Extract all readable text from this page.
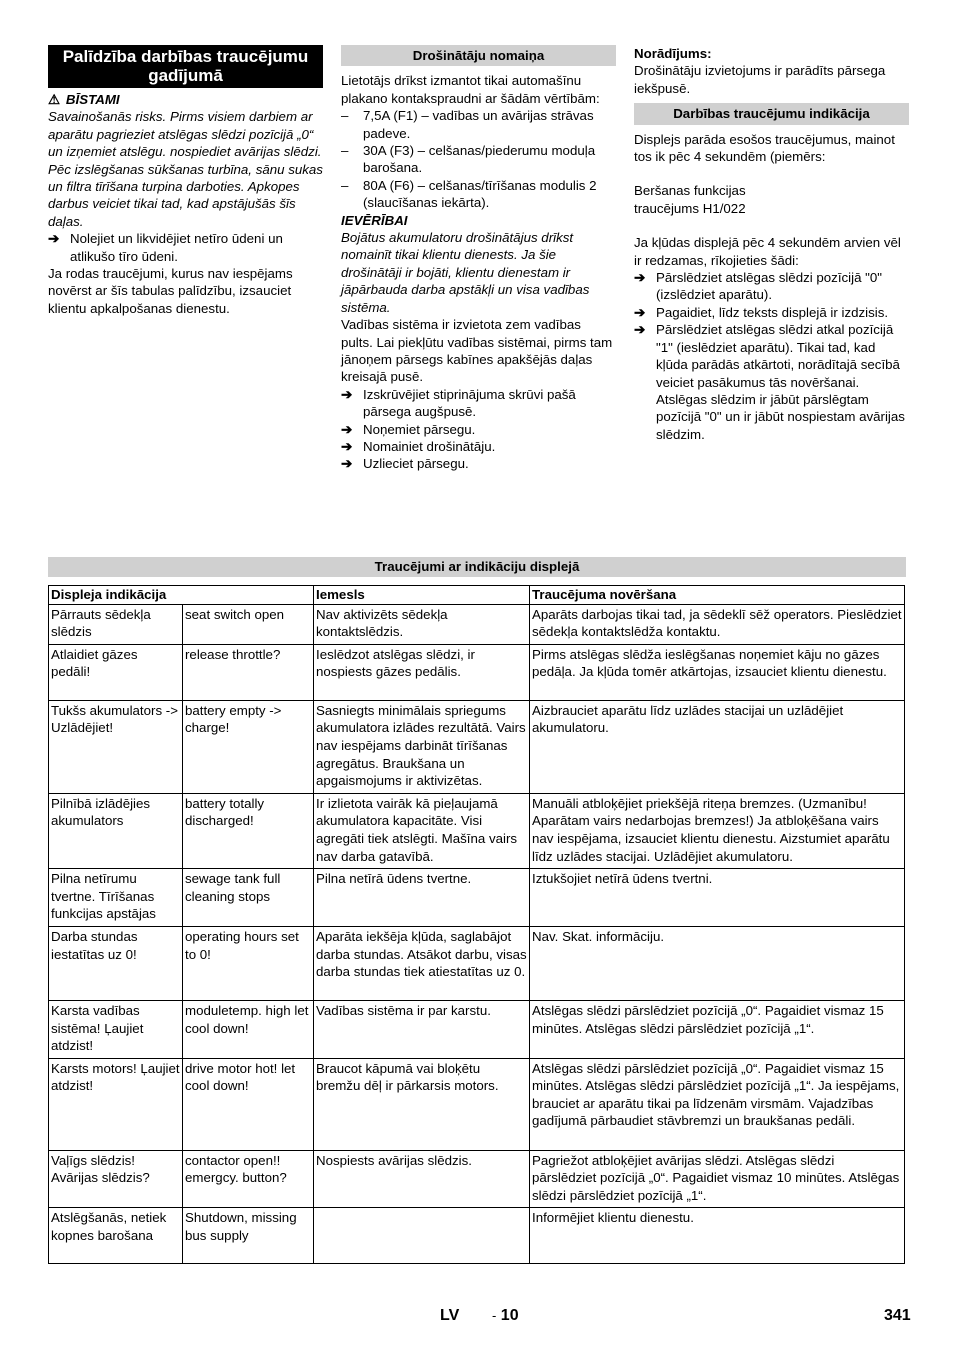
Palīdzība darbības traucējumu gadījumā
⚠ BĪSTAMI

Savainošanās risks. Pirms visiem darbiem ar aparātu pagrieziet atslēgas slēdzi pozīcijā „0“ un izņemiet atslēgu. nospiediet avārijas slēdzi. Pēc izslēgšanas sūkšanas turbīna, sānu sukas un filtra tīrīšana turpina darboties. Apkopes darbus veiciet tikai tad, kad apstājušās šīs daļas.

➔ Nolejiet un likvidējiet netīro ūdeni un atlikušo tīro ūdeni.

Ja rodas traucējumi, kurus nav iespējams novērst ar šīs tabulas palīdzību, izsauciet klientu apkalpošanas dienestu.

Drošinātāju nomaiņa

Lietotājs drīkst izmantot tikai automašīnu plakano kontakspraudni ar šādām vērtībām:

– 7,5A (F1) – vadības un avārijas strāvas padeve.
– 30A (F3) – celšanas/piederumu moduļa barošana.
– 80A (F6) – celšanas/tīrīšanas modulis 2 (slaucīšanas iekārta).
IEVĒRĪBAI

Bojātus akumulatoru drošinātājus drīkst nomainīt tikai klientu dienests. Ja šie drošinātāji ir bojāti, klientu dienestam ir jāpārbauda darba apstākļi un visa vadības sistēma.

Vadības sistēma ir izvietota zem vadības pults. Lai piekļūtu vadības sistēmai, pirms tam jānoņem pārsegs kabīnes apakšējās daļas kreisajā pusē.

➔ Izskrūvējiet stiprinājuma skrūvi pašā pārsega augšpusē.
➔ Noņemiet pārsegu.
➔ Nomainiet drošinātāju.
➔ Uzlieciet pārsegu.
Norādījums:

Drošinātāju izvietojums ir parādīts pārsega iekšpusē.

Darbības traucējumu indikācija

Displejs parāda esošos traucējumus, mainot tos ik pēc 4 sekundēm (piemērs:

Beršanas funkcijas traucējums H1/022

Ja kļūdas displejā pēc 4 sekundēm arvien vēl ir redzamas, rīkojieties šādi:

➔ Pārslēdziet atslēgas slēdzi pozīcijā "0" (izslēdziet aparātu).
➔ Pagaidiet, līdz teksts displejā ir izdzisis.
➔ Pārslēdziet atslēgas slēdzi atkal pozīcijā "1" (ieslēdziet aparātu). Tikai tad, kad kļūda parādās atkārtoti, norādītajā secībā veiciet pasākumus tās novēršanai. Atslēgas slēdzim ir jābūt pārslēgtam pozīcijā "0" un ir jābūt nospiestam avārijas slēdzim.
Traucējumi ar indikāciju displejā
Displeja indikācija		Iemesls	Traucējuma novēršana
Pārrauts sēdekļa slēdzis	seat switch open	Nav aktivizēts sēdekļa kontaktslēdzis.	Aparāts darbojas tikai tad, ja sēdeklī sēž operators. Pieslēdziet sēdekļa kontaktslēdža kontaktu.
Atlaidiet gāzes pedāli!	release throttle?	Ieslēdzot atslēgas slēdzi, ir nospiests gāzes pedālis.	Pirms atslēgas slēdža ieslēgšanas noņemiet kāju no gāzes pedāļa. Ja kļūda tomēr atkārtojas, izsauciet klientu dienestu.
Tukšs akumulators -> Uzlādējiet!	battery empty -> charge!	Sasniegts minimālais spriegums akumulatora izlādes rezultātā. Vairs nav iespējams darbināt tīrīšanas agregātus. Braukšana un apgaismojums ir aktivizētas.	Aizbrauciet aparātu līdz uzlādes stacijai un uzlādējiet akumulatoru.
Pilnībā izlādējies akumulators	battery totally discharged!	Ir izlietota vairāk kā pieļaujamā akumulatora kapacitāte. Visi agregāti tiek atslēgti. Mašīna vairs nav darba gatavībā.	Manuāli atbloķējiet priekšējā riteņa bremzes. (Uzmanību! Aparātam vairs nedarbojas bremzes!) Ja atbloķēšana vairs nav iespējama, izsauciet klientu dienestu. Aizstumiet aparātu līdz uzlādes stacijai. Uzlādējiet akumulatoru.
Pilna netīrumu tvertne. Tīrīšanas funkcijas apstājas	sewage tank full cleaning stops	Pilna netīrā ūdens tvertne.	Iztukšojiet netīrā ūdens tvertni.
Darba stundas iestatītas uz 0!	operating hours set to 0!	Aparāta iekšēja kļūda, saglabājot darba stundas. Atsākot darbu, visas darba stundas tiek atiestatītas uz 0.	Nav. Skat. informāciju.
Karsta vadības sistēma! Ļaujiet atdzist!	moduletemp. high let cool down!	Vadības sistēma ir par karstu.	Atslēgas slēdzi pārslēdziet pozīcijā „0“. Pagaidiet vismaz 15 minūtes. Atslēgas slēdzi pārslēdziet pozīcijā „1“.
Karsts motors! Ļaujiet atdzist!	drive motor hot! let cool down!	Braucot kāpumā vai bloķētu bremžu dēļ ir pārkarsis motors.	Atslēgas slēdzi pārslēdziet pozīcijā „0“. Pagaidiet vismaz 15 minūtes. Atslēgas slēdzi pārslēdziet pozīcijā „1“. Ja iespējams, brauciet ar aparātu tikai pa līdzenām virsmām. Vajadzības gadījumā pārbaudiet stāvbremzi un braukšanas pedāli.
Vaļīgs slēdzis! Avārijas slēdzis?	contactor open!! emergcy. button?	Nospiests avārijas slēdzis.	Pagriežot atbloķējiet avārijas slēdzi. Atslēgas slēdzi pārslēdziet pozīcijā „0“. Pagaidiet vismaz 10 minūtes. Atslēgas slēdzi pārslēdziet pozīcijā „1“.
Atslēgšanās, netiek kopnes barošana	Shutdown, missing bus supply		Informējiet klientu dienestu.
LV	- 10	341
